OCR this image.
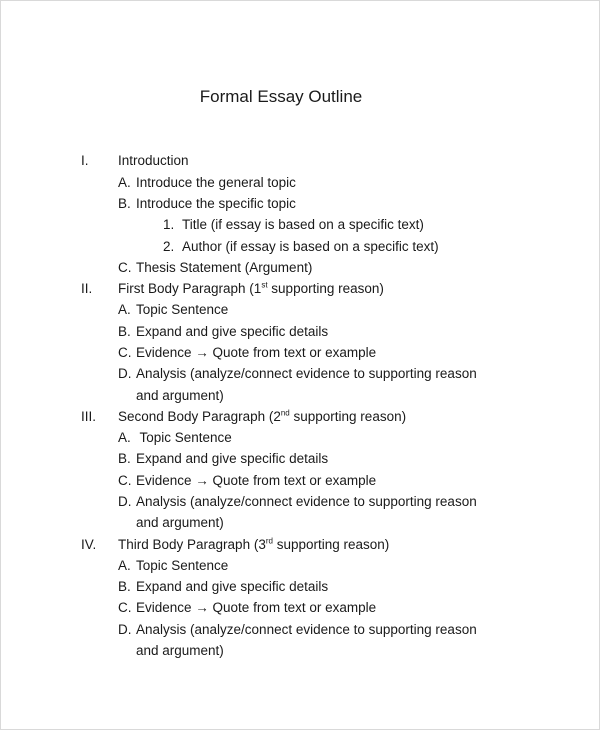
Formal Essay Outline
I. Introduction
A. Introduce the general topic
B. Introduce the specific topic
1. Title (if essay is based on a specific text)
2. Author (if essay is based on a specific text)
C. Thesis Statement (Argument)
II. First Body Paragraph (1st supporting reason)
A. Topic Sentence
B. Expand and give specific details
C. Evidence → Quote from text or example
D. Analysis (analyze/connect evidence to supporting reason
and argument)
III. Second Body Paragraph (2nd supporting reason)
A. Topic Sentence
B. Expand and give specific details
C. Evidence → Quote from text or example
D. Analysis (analyze/connect evidence to supporting reason
and argument)
IV. Third Body Paragraph (3rd supporting reason)
A. Topic Sentence
B. Expand and give specific details
C. Evidence → Quote from text or example
D. Analysis (analyze/connect evidence to supporting reason
and argument)
